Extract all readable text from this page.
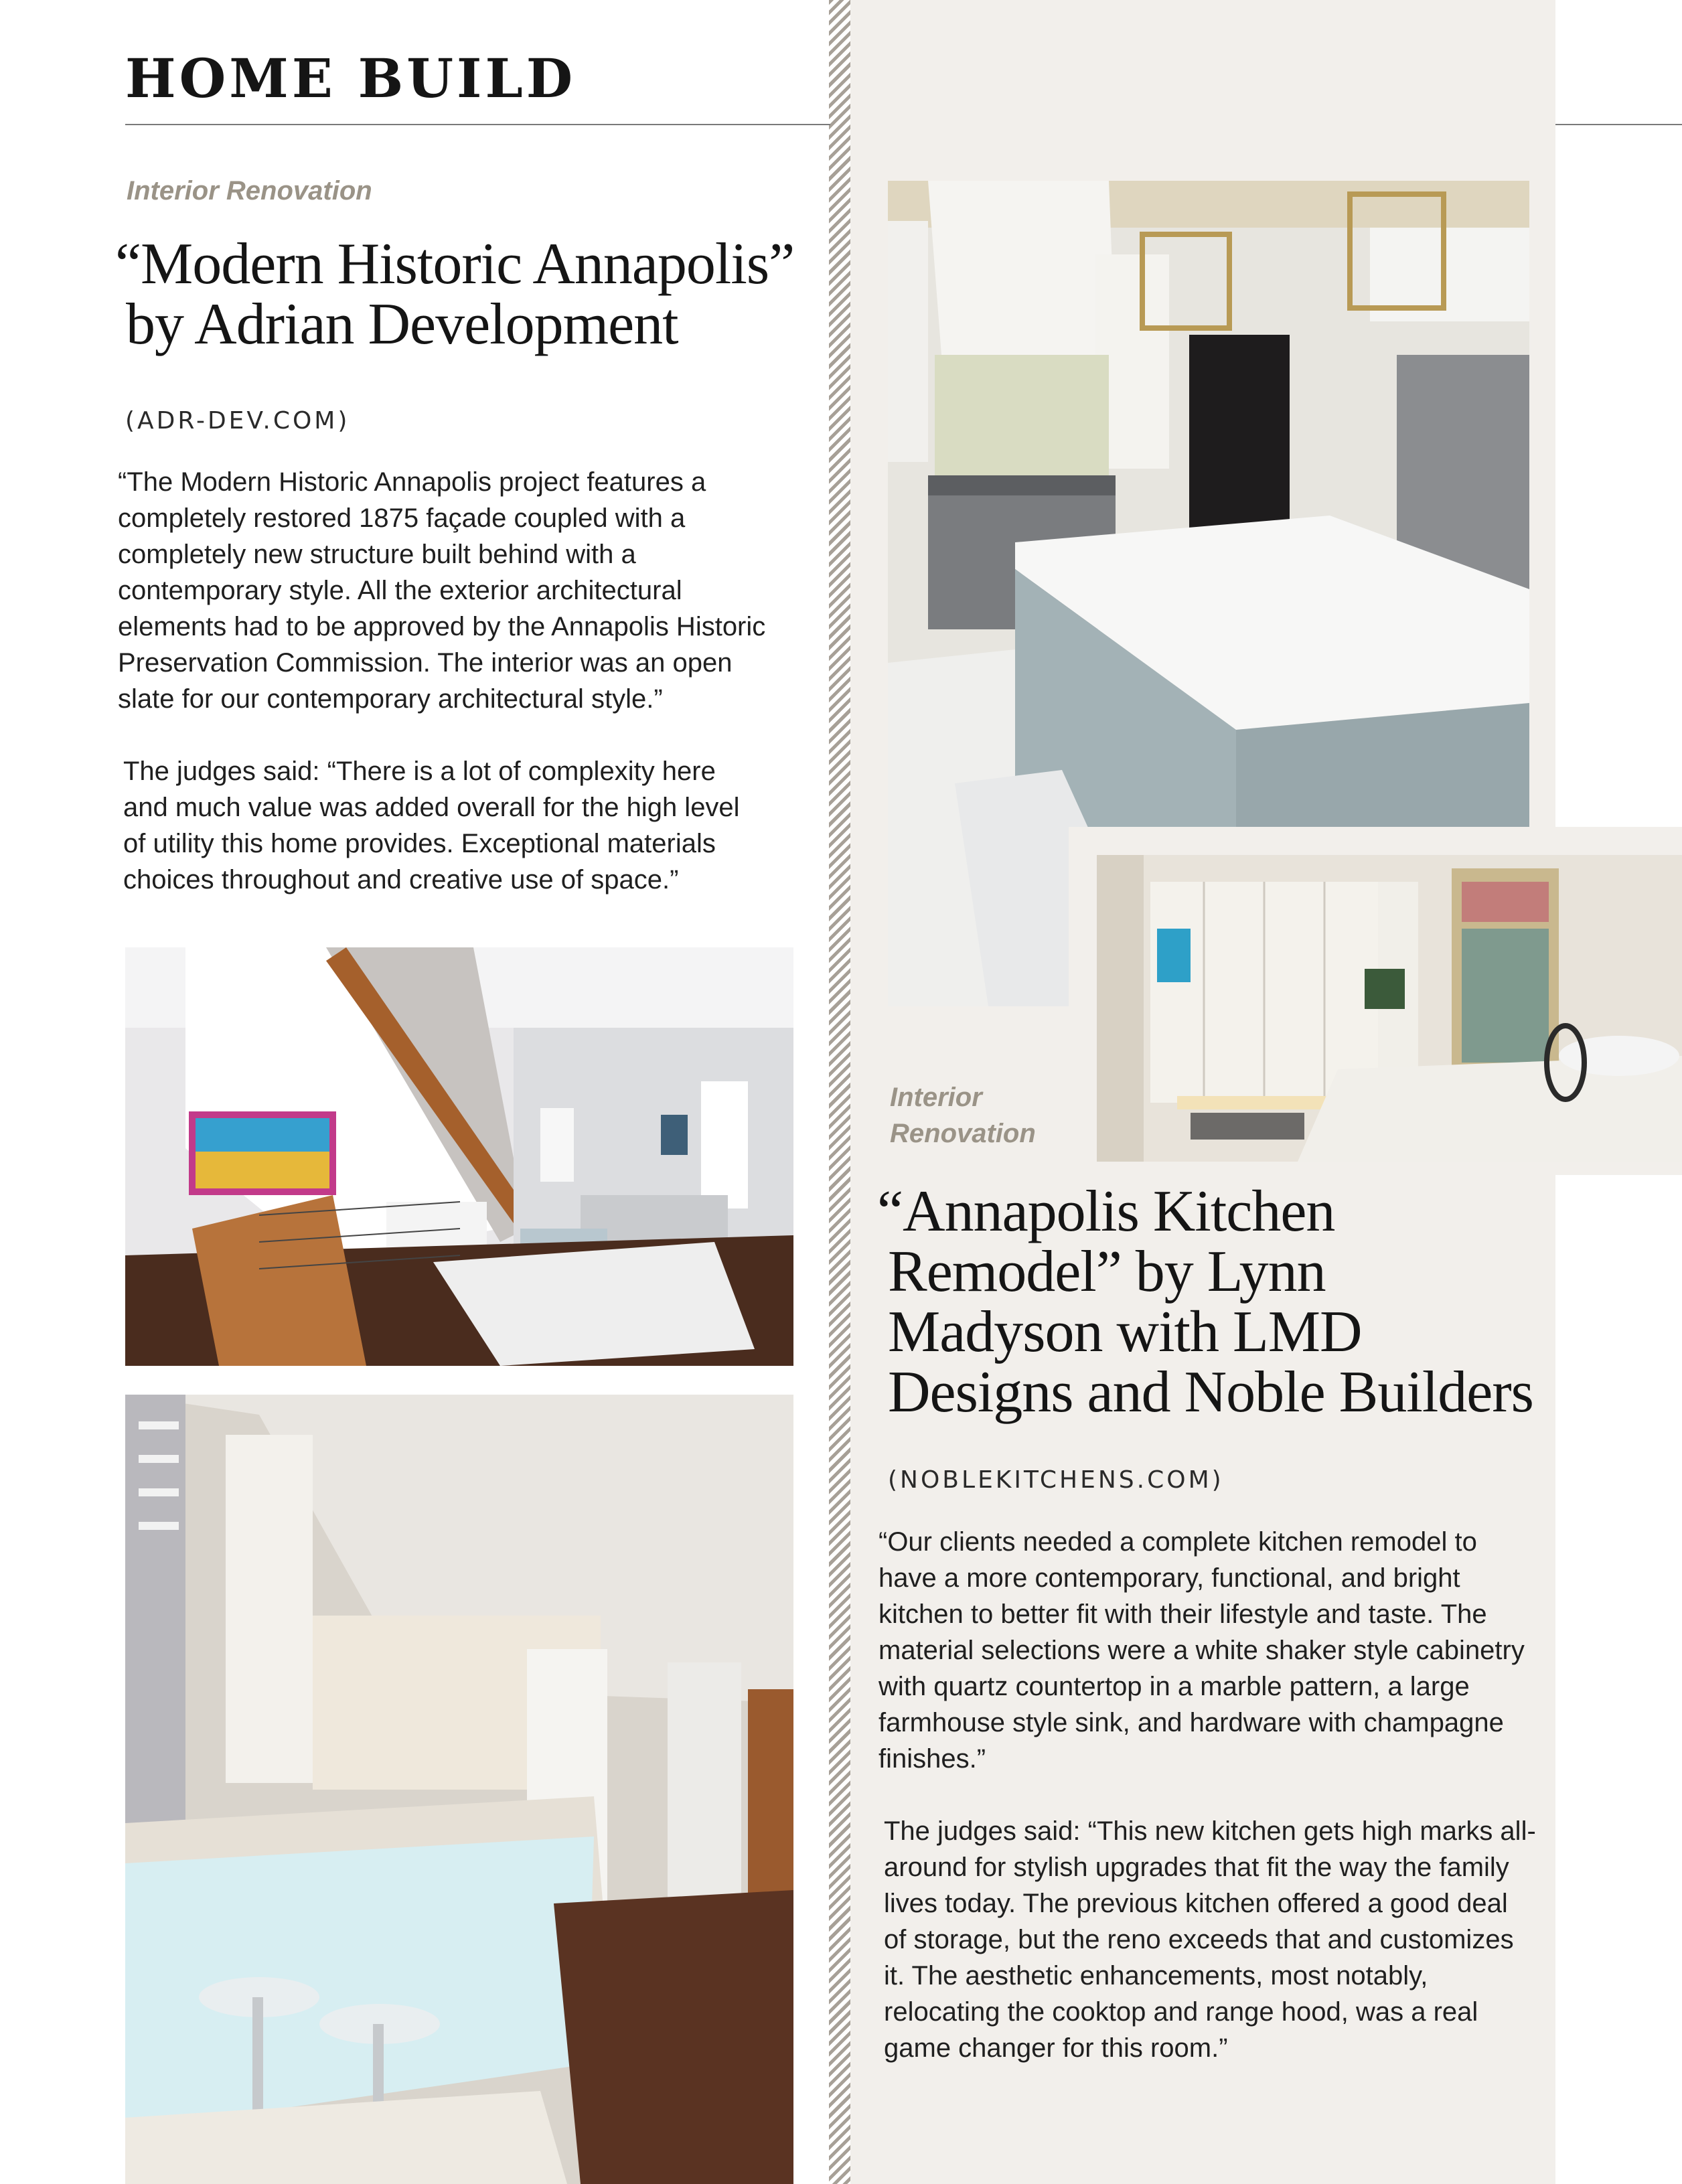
HOME BUILD
Interior Renovation
“Modern Historic Annapolis”
by Adrian Development
(ADR-DEV.COM)

“The Modern Historic Annapolis project features a completely restored 1875 façade coupled with a completely new structure built behind with a contemporary style. All the exterior architectural elements had to be approved by the Annapolis Historic Preservation Commission. The interior was an open slate for our contemporary architectural style.”

The judges said: “There is a lot of complexity here and much value was added overall for the high level of utility this home provides. Exceptional materials choices throughout and creative use of space.”

Interior
Renovation
“Annapolis Kitchen
Remodel” by Lynn
Madyson with LMD
Designs and Noble Builders
(NOBLEKITCHENS.COM)

“Our clients needed a complete kitchen remodel to have a more contemporary, functional, and bright kitchen to better fit with their lifestyle and taste. The material selections were a white shaker style cabinetry with quartz countertop in a marble pattern, a large farmhouse style sink, and hardware with champagne finishes.”

The judges said: “This new kitchen gets high marks all-around for stylish upgrades that fit the way the family lives today. The previous kitchen offered a good deal of storage, but the reno exceeds that and customizes it. The aesthetic enhancements, most notably, relocating the cooktop and range hood, was a real game changer for this room.”
